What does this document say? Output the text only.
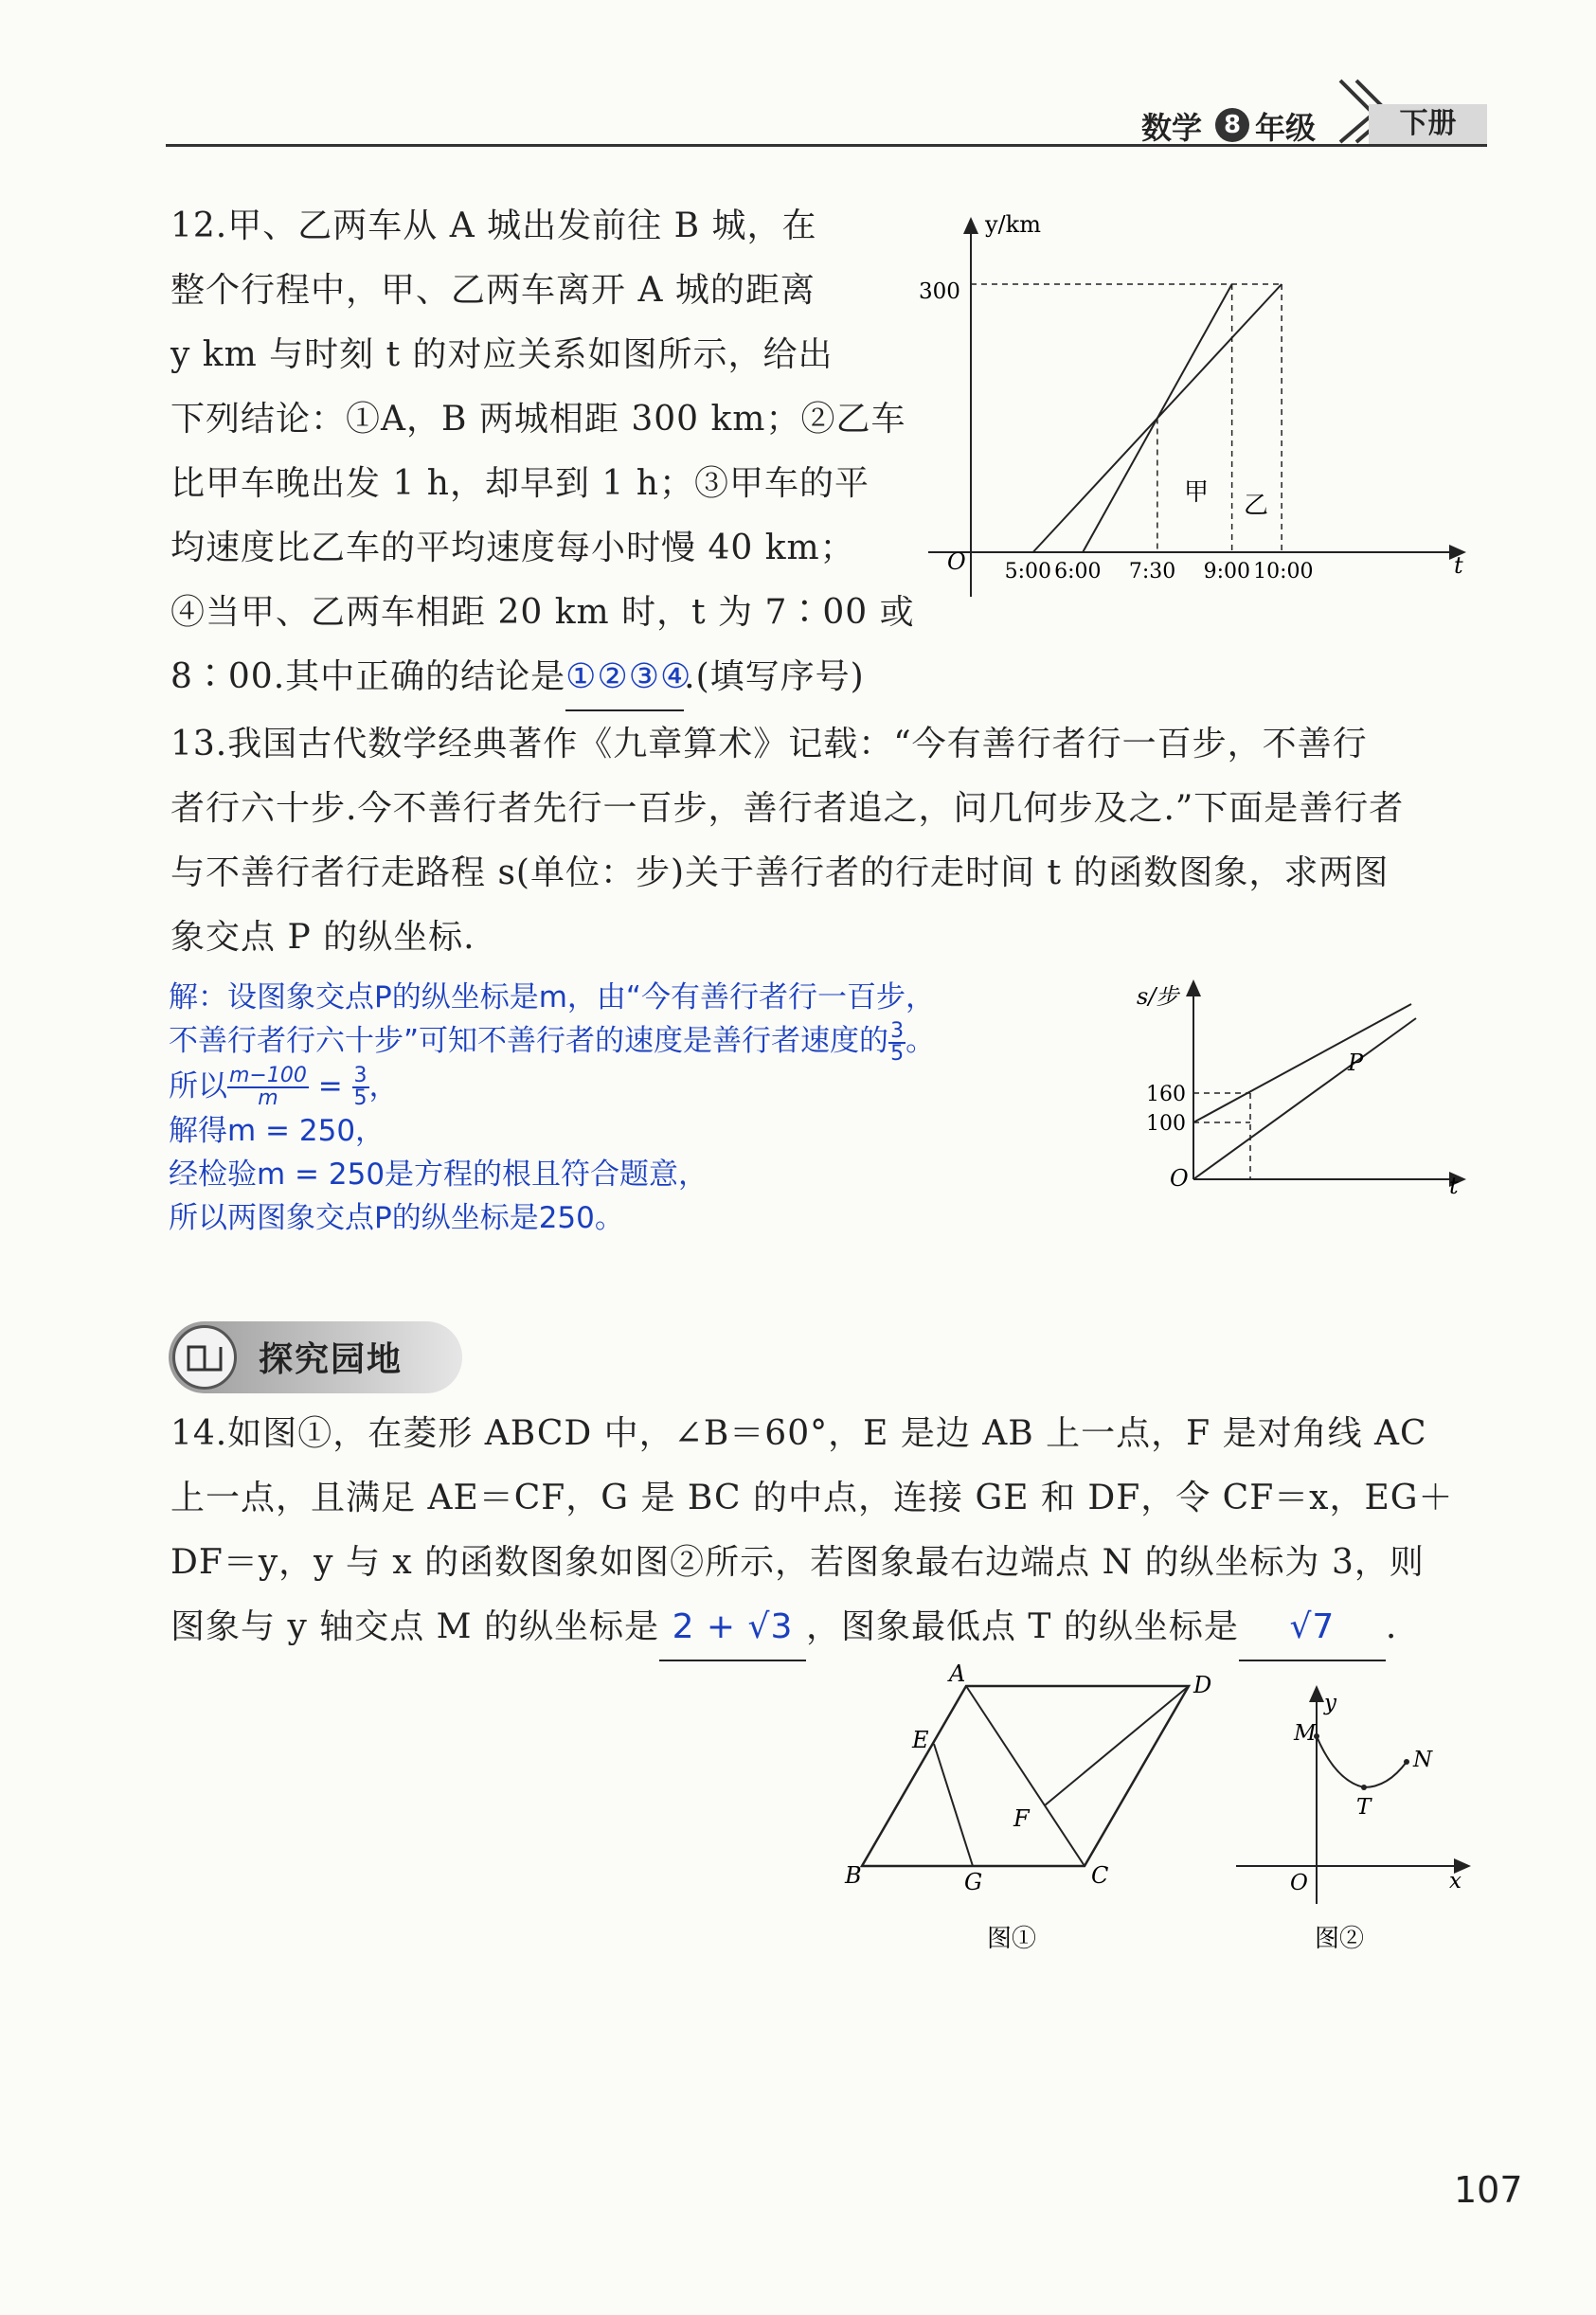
数学 8 年级	下册
12.甲、乙两车从 A 城出发前往 B 城，在
整个行程中，甲、乙两车离开 A 城的距离
y km 与时刻 t 的对应关系如图所示，给出
下列结论：①A，B 两城相距 300 km；②乙车
比甲车晚出发 1 h，却早到 1 h；③甲车的平
均速度比乙车的平均速度每小时慢 40 km；
④当甲、乙两车相距 20 km 时，t 为 7∶00 或
8∶00.其中正确的结论是①②③④.(填写序号)
y/km
t
O
300
5:00 6:00 7:30 9:00 10:00
甲 乙
13.我国古代数学经典著作《九章算术》记载：“今有善行者行一百步，不善行
者行六十步.今不善行者先行一百步，善行者追之，问几何步及之.”下面是善行者
与不善行者行走路程 s(单位：步)关于善行者的行走时间 t 的函数图象，求两图
象交点 P 的纵坐标.
解：设图象交点P的纵坐标是m，由“今有善行者行一百步，
不善行者行六十步”可知不善行者的速度是善行者速度的 $\frac{3}{5}$ 。
所以 $\frac{m-100}{m} = \frac{3}{5}$ ，
解得m = 250，
经检验m = 250是方程的根且符合题意，
所以两图象交点P的纵坐标是250。
s/步
t
O
160
100
P
探究园地
14.如图①，在菱形 ABCD 中，∠B＝60°，E 是边 AB 上一点，F 是对角线 AC
上一点，且满足 AE＝CF，G 是 BC 的中点，连接 GE 和 DF，令 CF＝x，EG＋
DF＝y，y 与 x 的函数图象如图②所示，若图象最右边端点 N 的纵坐标为 3，则
图象与 y 轴交点 M 的纵坐标是 2 + √3 ，图象最低点 T 的纵坐标是 √7 .
A	D
E
F
B	G	C
图①
y
x
O
M
T
N
图②
107
